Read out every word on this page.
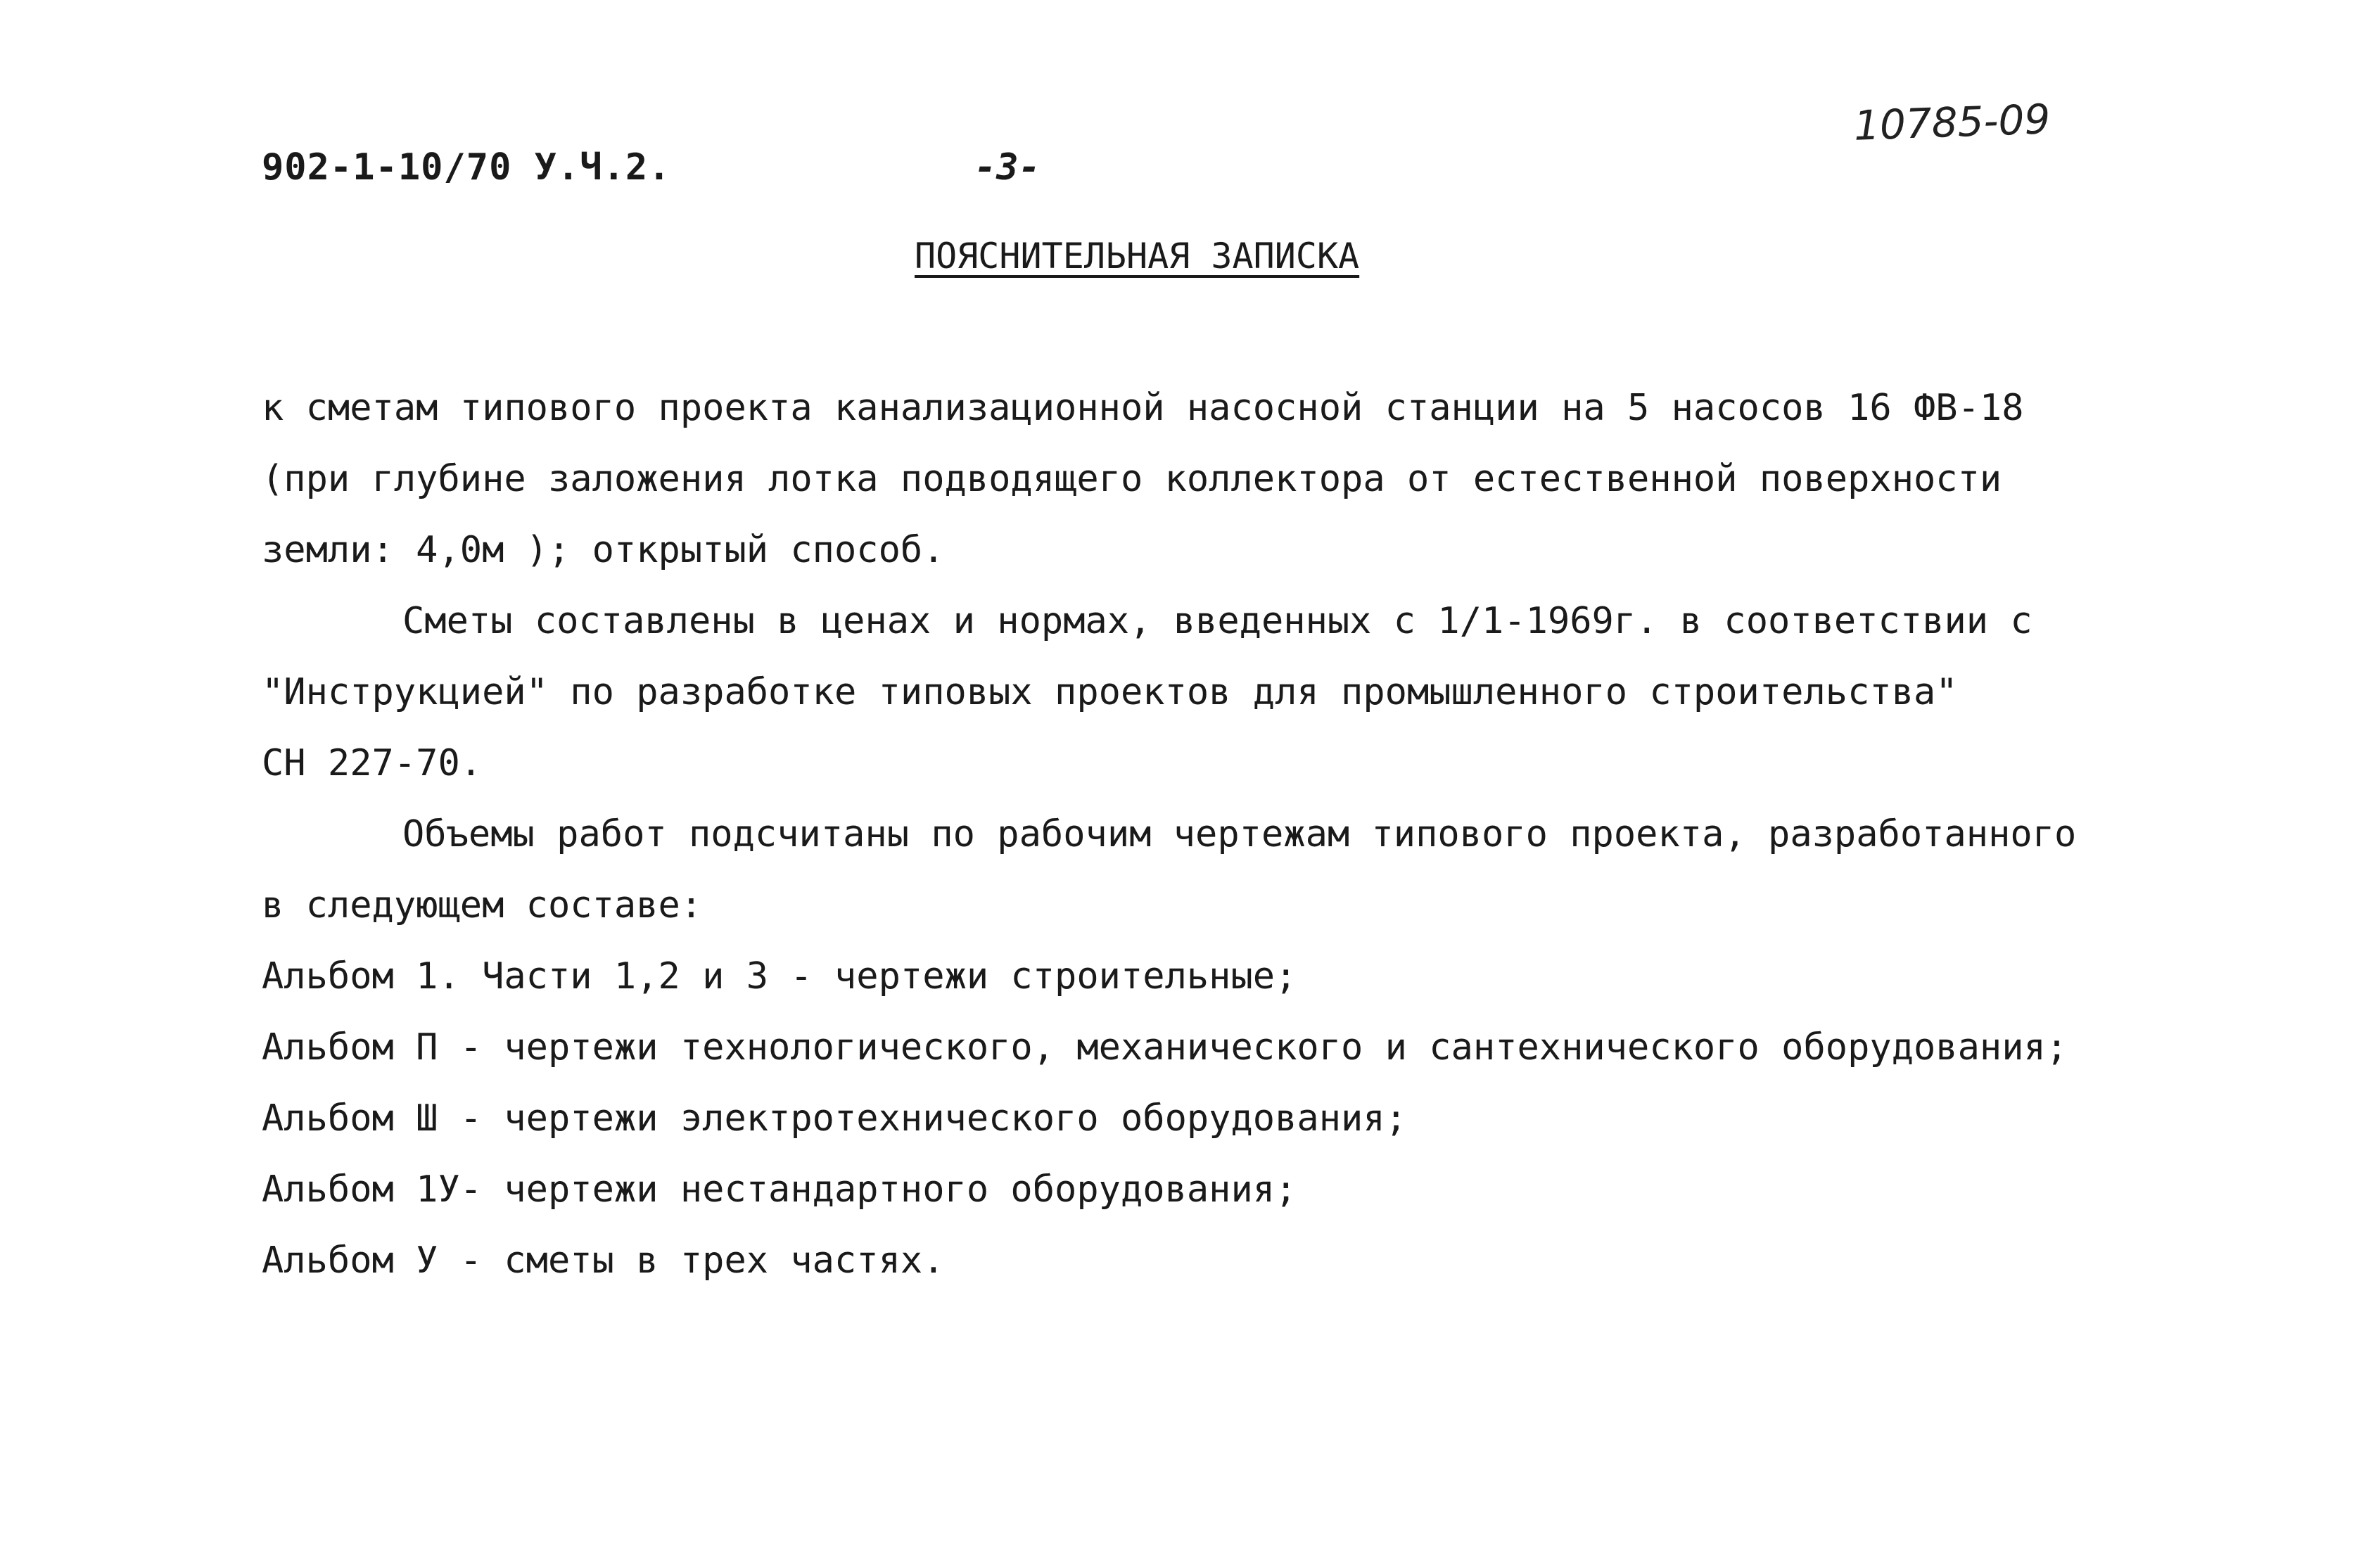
902-1-10/70 У.Ч.2.	-3-
10785-09
ПОЯСНИТЕЛЬНАЯ ЗАПИСКА
к сметам типового проекта канализационной насосной станции на 5 насосов 16 ФВ-18
(при глубине заложения лотка подводящего коллектора от естественной поверхности
земли: 4,0м ); открытый способ.
Сметы составлены в ценах и нормах, введенных с 1/1-1969г. в соответствии с
"Инструкцией" по разработке типовых проектов для промышленного строительства"
СН 227-70.
Объемы работ подсчитаны по рабочим чертежам типового проекта, разработанного
в следующем составе:
Альбом 1. Части 1,2 и 3 - чертежи строительные;
Альбом П - чертежи технологического, механического и сантехнического оборудования;
Альбом Ш - чертежи электротехнического оборудования;
Альбом 1У- чертежи нестандартного оборудования;
Альбом У - сметы в трех частях.
